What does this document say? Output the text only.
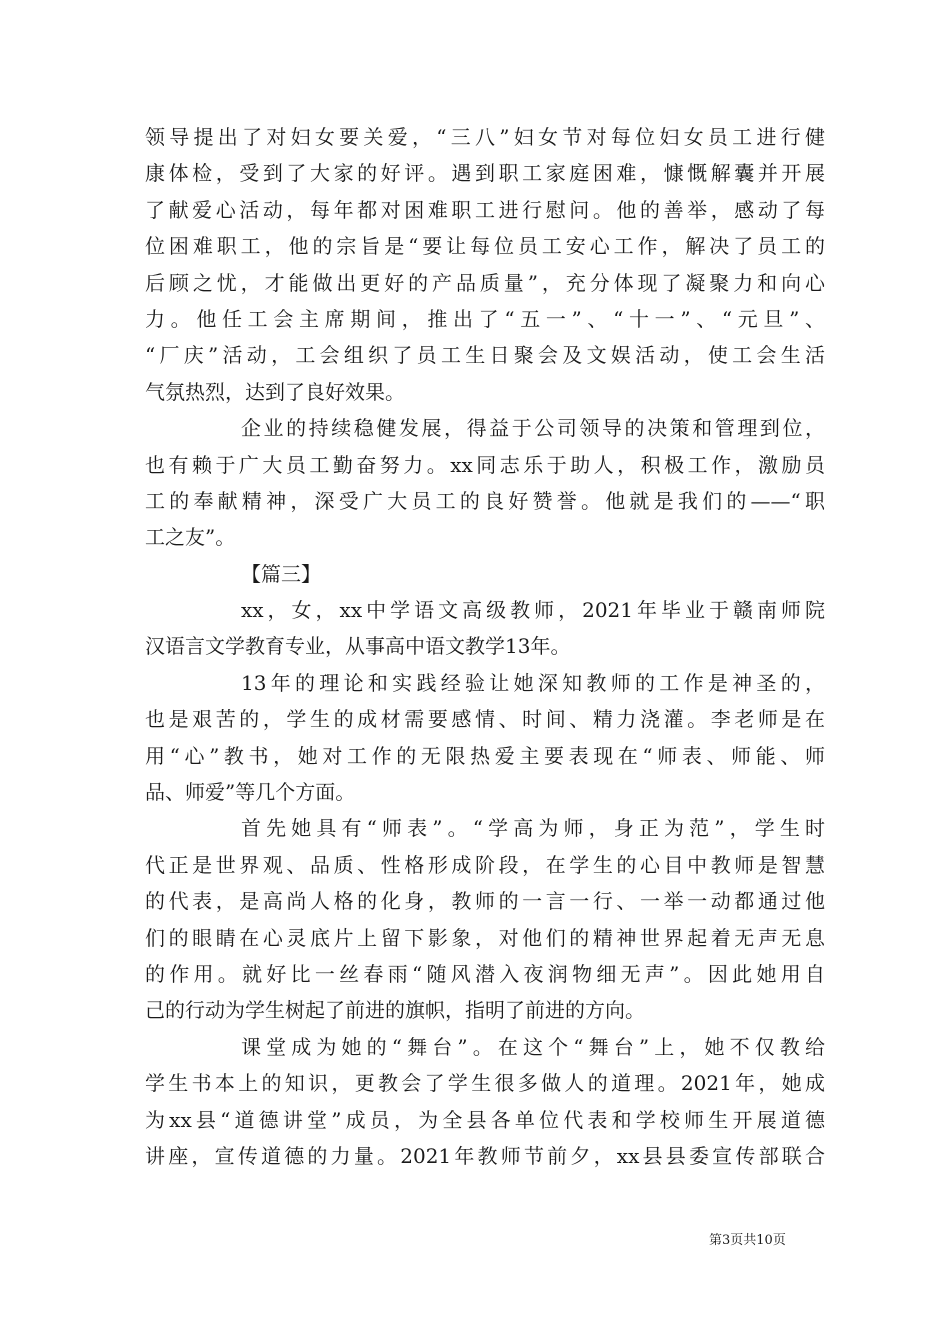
领导提出了对妇女要关爱，“三八”妇女节对每位妇女员工进行健
康体检，受到了大家的好评。遇到职工家庭困难，慷慨解囊并开展
了献爱心活动，每年都对困难职工进行慰问。他的善举，感动了每
位困难职工，他的宗旨是“要让每位员工安心工作，解决了员工的
后顾之忧，才能做出更好的产品质量”，充分体现了凝聚力和向心
力。他任工会主席期间，推出了“五一”、“十一”、“元旦”、
“厂庆”活动，工会组织了员工生日聚会及文娱活动，使工会生活
气氛热烈，达到了良好效果。
企业的持续稳健发展，得益于公司领导的决策和管理到位，
也有赖于广大员工勤奋努力。xx同志乐于助人，积极工作，激励员
工的奉献精神，深受广大员工的良好赞誉。他就是我们的——“职
工之友”。
【篇三】
xx，女，xx中学语文高级教师，2021年毕业于赣南师院
汉语言文学教育专业，从事高中语文教学13年。
13年的理论和实践经验让她深知教师的工作是神圣的，
也是艰苦的，学生的成材需要感情、时间、精力浇灌。李老师是在
用“心”教书，她对工作的无限热爱主要表现在“师表、师能、师
品、师爱”等几个方面。
首先她具有“师表”。“学高为师，身正为范”，学生时
代正是世界观、品质、性格形成阶段，在学生的心目中教师是智慧
的代表，是高尚人格的化身，教师的一言一行、一举一动都通过他
们的眼睛在心灵底片上留下影象，对他们的精神世界起着无声无息
的作用。就好比一丝春雨“随风潜入夜润物细无声”。因此她用自
己的行动为学生树起了前进的旗帜，指明了前进的方向。
课堂成为她的“舞台”。在这个“舞台”上，她不仅教给
学生书本上的知识，更教会了学生很多做人的道理。2021年，她成
为xx县“道德讲堂”成员，为全县各单位代表和学校师生开展道德
讲座，宣传道德的力量。2021年教师节前夕，xx县县委宣传部联合
第3页共10页
